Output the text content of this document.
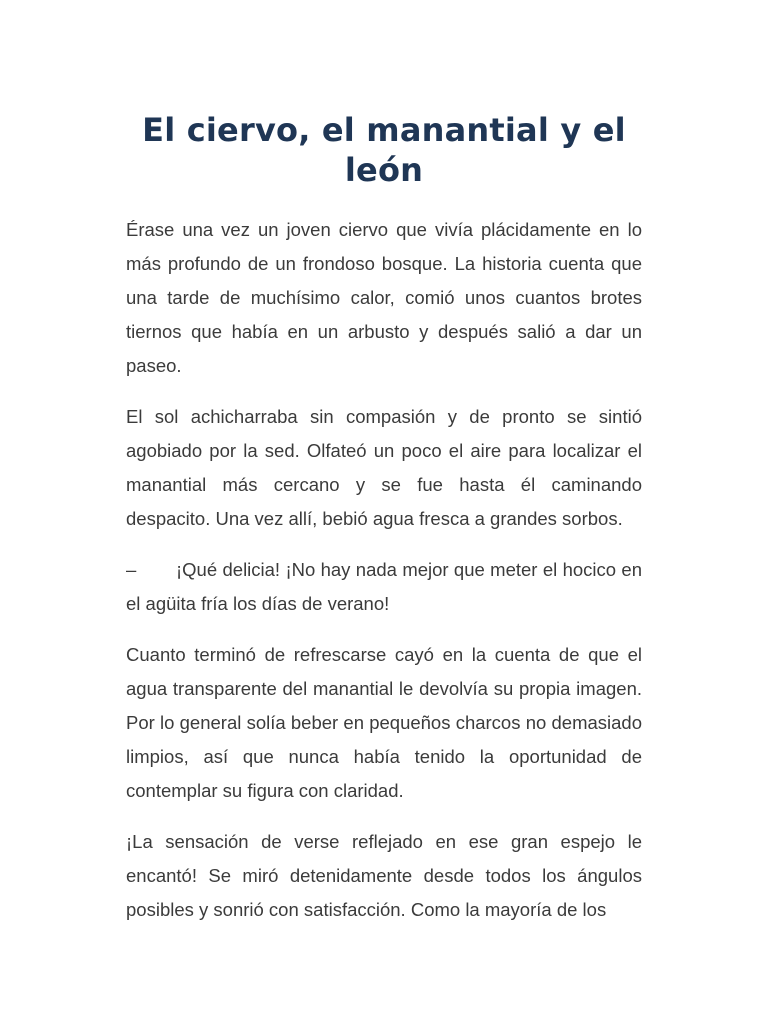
El ciervo, el manantial y el león

Érase una vez un joven ciervo que vivía plácidamente en lo más profundo de un frondoso bosque. La historia cuenta que una tarde de muchísimo calor, comió unos cuantos brotes tiernos que había en un arbusto y después salió a dar un paseo.

El sol achicharraba sin compasión y de pronto se sintió agobiado por la sed. Olfateó un poco el aire para localizar el manantial más cercano y se fue hasta él caminando despacito. Una vez allí, bebió agua fresca a grandes sorbos.

– ¡Qué delicia! ¡No hay nada mejor que meter el hocico en el agüita fría los días de verano!

Cuanto terminó de refrescarse cayó en la cuenta de que el agua transparente del manantial le devolvía su propia imagen. Por lo general solía beber en pequeños charcos no demasiado limpios, así que nunca había tenido la oportunidad de contemplar su figura con claridad.

¡La sensación de verse reflejado en ese gran espejo le encantó! Se miró detenidamente desde todos los ángulos posibles y sonrió con satisfacción. Como la mayoría de los
